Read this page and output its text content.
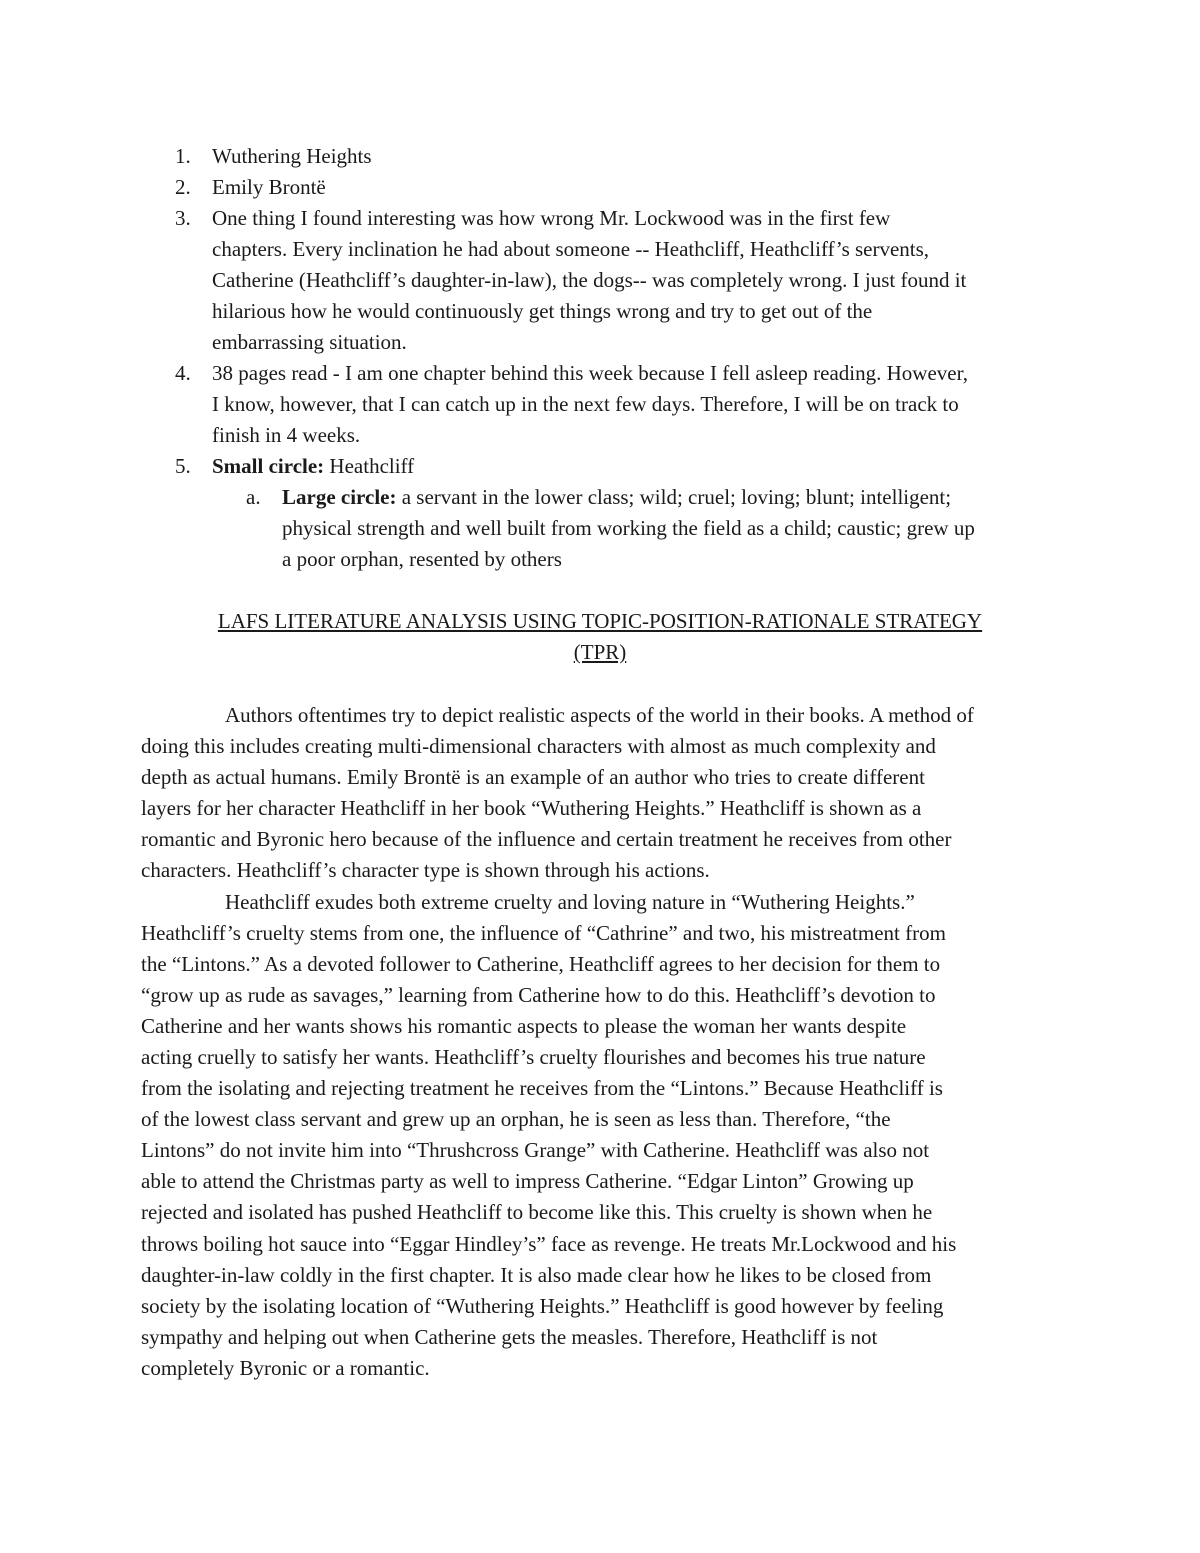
1. Wuthering Heights
2. Emily Brontë
3. One thing I found interesting was how wrong Mr. Lockwood was in the first few
chapters. Every inclination he had about someone -- Heathcliff, Heathcliff’s servents,
Catherine (Heathcliff’s daughter-in-law), the dogs-- was completely wrong. I just found it
hilarious how he would continuously get things wrong and try to get out of the
embarrassing situation.
4. 38 pages read - I am one chapter behind this week because I fell asleep reading. However,
I know, however, that I can catch up in the next few days. Therefore, I will be on track to
finish in 4 weeks.
5. Small circle: Heathcliff
a. Large circle: a servant in the lower class; wild; cruel; loving; blunt; intelligent;
physical strength and well built from working the field as a child; caustic; grew up
a poor orphan, resented by others
LAFS LITERATURE ANALYSIS USING TOPIC-POSITION-RATIONALE STRATEGY
(TPR)
Authors oftentimes try to depict realistic aspects of the world in their books. A method of
doing this includes creating multi-dimensional characters with almost as much complexity and
depth as actual humans. Emily Brontë is an example of an author who tries to create different
layers for her character Heathcliff in her book “Wuthering Heights.” Heathcliff is shown as a
romantic and Byronic hero because of the influence and certain treatment he receives from other
characters. Heathcliff’s character type is shown through his actions.
Heathcliff exudes both extreme cruelty and loving nature in “Wuthering Heights.”
Heathcliff’s cruelty stems from one, the influence of “Cathrine” and two, his mistreatment from
the “Lintons.” As a devoted follower to Catherine, Heathcliff agrees to her decision for them to
“grow up as rude as savages,” learning from Catherine how to do this. Heathcliff’s devotion to
Catherine and her wants shows his romantic aspects to please the woman her wants despite
acting cruelly to satisfy her wants. Heathcliff’s cruelty flourishes and becomes his true nature
from the isolating and rejecting treatment he receives from the “Lintons.” Because Heathcliff is
of the lowest class servant and grew up an orphan, he is seen as less than. Therefore, “the
Lintons” do not invite him into “Thrushcross Grange” with Catherine. Heathcliff was also not
able to attend the Christmas party as well to impress Catherine. “Edgar Linton” Growing up
rejected and isolated has pushed Heathcliff to become like this. This cruelty is shown when he
throws boiling hot sauce into “Eggar Hindley’s” face as revenge. He treats Mr.Lockwood and his
daughter-in-law coldly in the first chapter. It is also made clear how he likes to be closed from
society by the isolating location of “Wuthering Heights.” Heathcliff is good however by feeling
sympathy and helping out when Catherine gets the measles. Therefore, Heathcliff is not
completely Byronic or a romantic.
